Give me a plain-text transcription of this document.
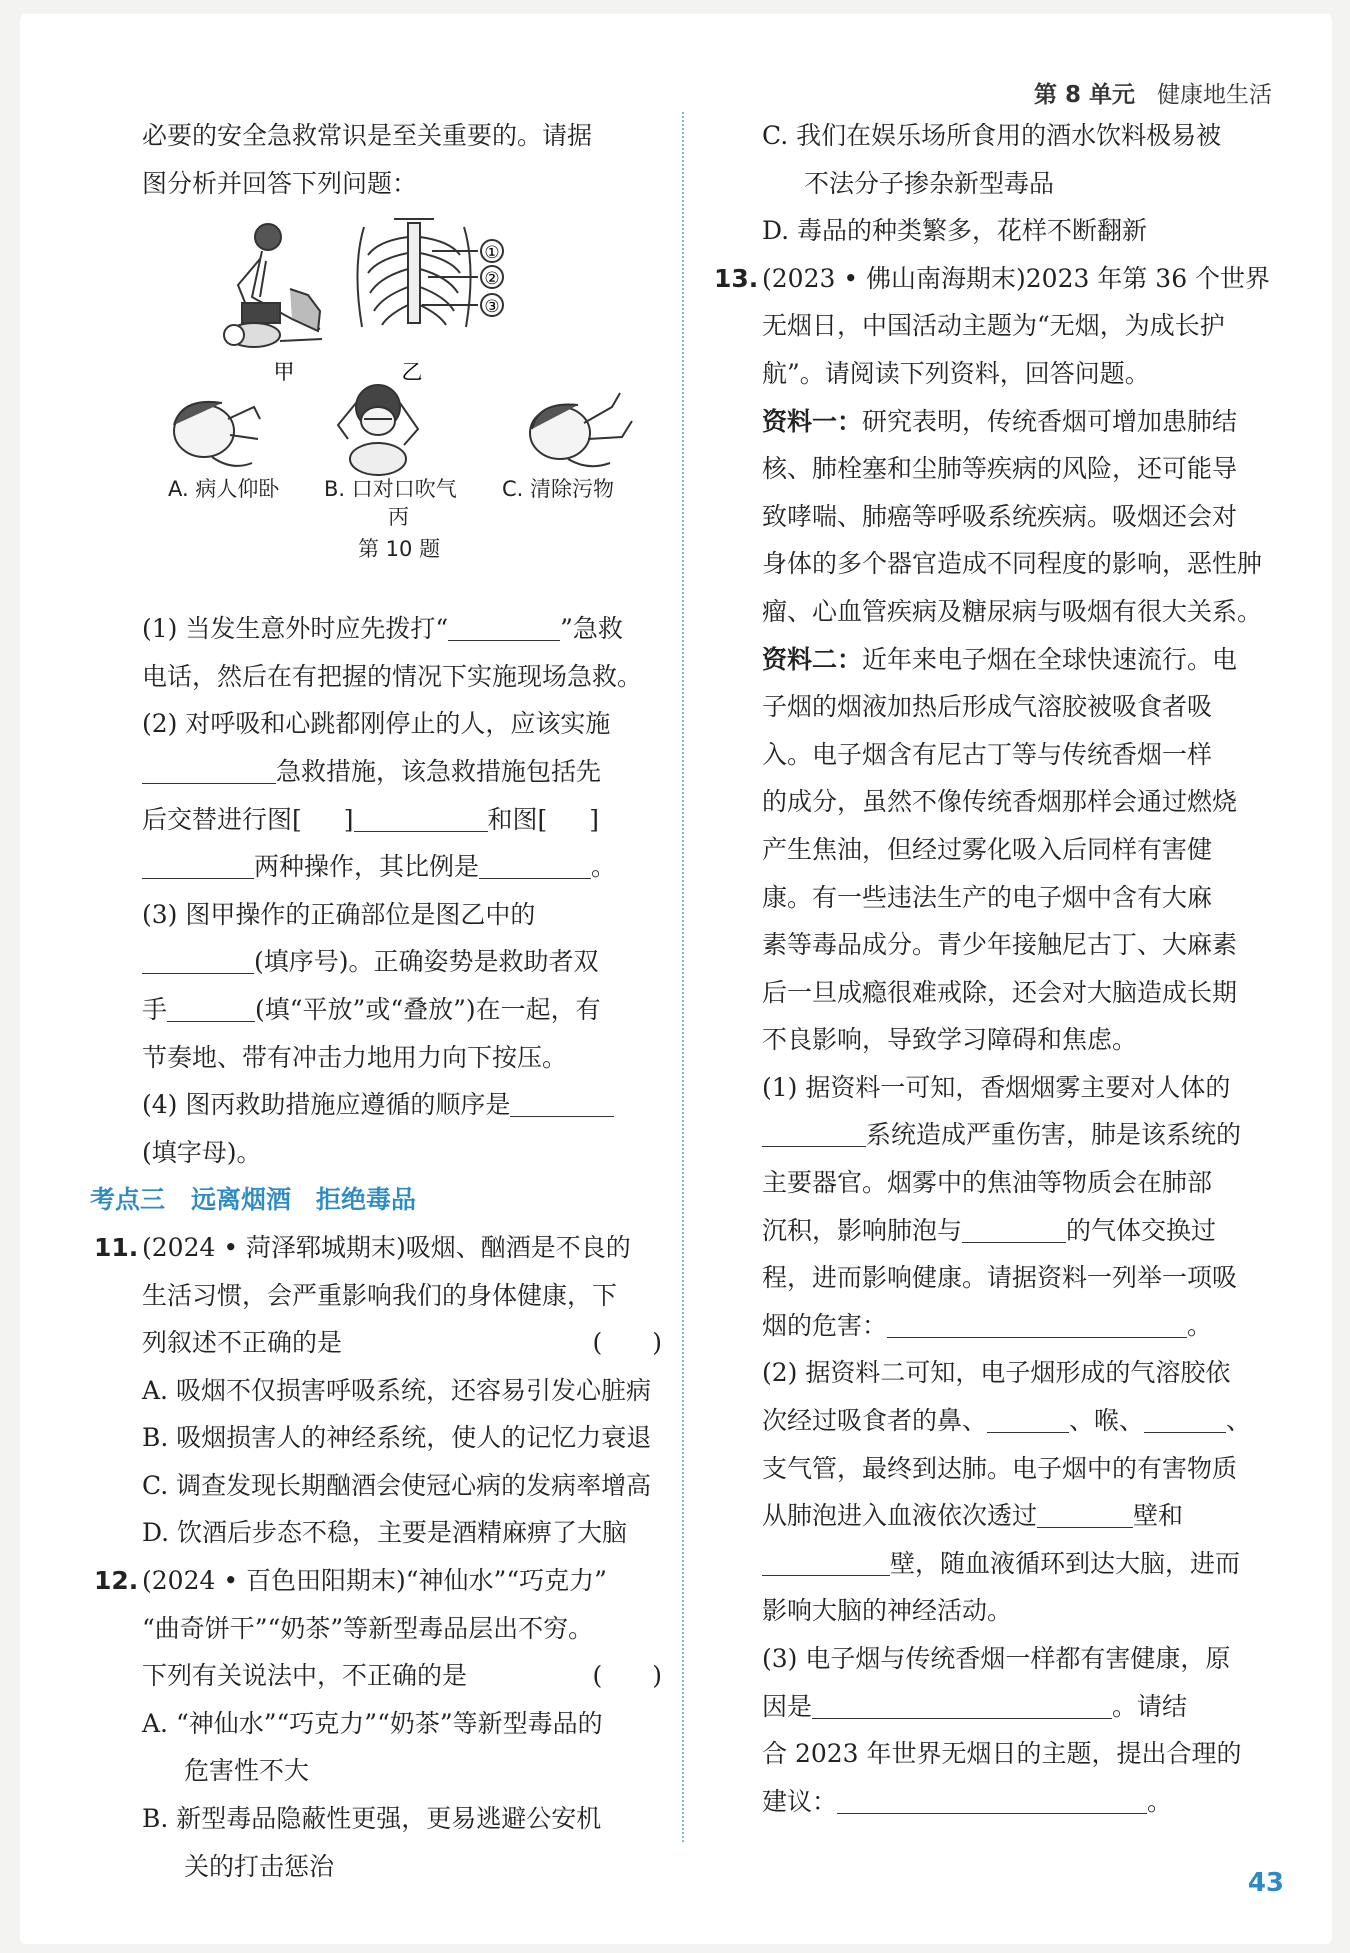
第 8 单元 健康地生活
必要的安全急救常识是至关重要的。请据
图分析并回答下列问题：
①
②
③
甲	乙
A. 病人仰卧 B. 口对口吹气 C. 清除污物
丙
第 10 题
(1) 当发生意外时应先拨打“	”急救
电话，然后在有把握的情况下实施现场急救。
(2) 对呼吸和心跳都刚停止的人，应该实施
急救措施，该急救措施包括先
后交替进行图[ ]	和图[ ]
两种操作，其比例是	。
(3) 图甲操作的正确部位是图乙中的
(填序号)。正确姿势是救助者双
手	(填“平放”或“叠放”)在一起，有
节奏地、带有冲击力地用力向下按压。
(4) 图丙救助措施应遵循的顺序是
(填字母)。
考点三 远离烟酒　拒绝毒品
11. (2024 • 菏泽郓城期末)吸烟、酗酒是不良的
生活习惯，会严重影响我们的身体健康，下
列叙述不正确的是	(　　)
A. 吸烟不仅损害呼吸系统，还容易引发心脏病
B. 吸烟损害人的神经系统，使人的记忆力衰退
C. 调查发现长期酗酒会使冠心病的发病率增高
D. 饮酒后步态不稳，主要是酒精麻痹了大脑
12. (2024 • 百色田阳期末)“神仙水”“巧克力”
“曲奇饼干”“奶茶”等新型毒品层出不穷。
下列有关说法中，不正确的是	(　　)
A. “神仙水”“巧克力”“奶茶”等新型毒品的
危害性不大
B. 新型毒品隐蔽性更强，更易逃避公安机
关的打击惩治
C. 我们在娱乐场所食用的酒水饮料极易被
不法分子掺杂新型毒品
D. 毒品的种类繁多，花样不断翻新
13. (2023 • 佛山南海期末)2023 年第 36 个世界
无烟日，中国活动主题为“无烟，为成长护
航”。请阅读下列资料，回答问题。
资料一：研究表明，传统香烟可增加患肺结
核、肺栓塞和尘肺等疾病的风险，还可能导
致哮喘、肺癌等呼吸系统疾病。吸烟还会对
身体的多个器官造成不同程度的影响，恶性肿
瘤、心血管疾病及糖尿病与吸烟有很大关系。
资料二：近年来电子烟在全球快速流行。电
子烟的烟液加热后形成气溶胶被吸食者吸
入。电子烟含有尼古丁等与传统香烟一样
的成分，虽然不像传统香烟那样会通过燃烧
产生焦油，但经过雾化吸入后同样有害健
康。有一些违法生产的电子烟中含有大麻
素等毒品成分。青少年接触尼古丁、大麻素
后一旦成瘾很难戒除，还会对大脑造成长期
不良影响，导致学习障碍和焦虑。
(1) 据资料一可知，香烟烟雾主要对人体的
系统造成严重伤害，肺是该系统的
主要器官。烟雾中的焦油等物质会在肺部
沉积，影响肺泡与	的气体交换过
程，进而影响健康。请据资料一列举一项吸
烟的危害：	。
(2) 据资料二可知，电子烟形成的气溶胶依
次经过吸食者的鼻、	、喉、	、
支气管，最终到达肺。电子烟中的有害物质
从肺泡进入血液依次透过	壁和
壁，随血液循环到达大脑，进而
影响大脑的神经活动。
(3) 电子烟与传统香烟一样都有害健康，原
因是	。请结
合 2023 年世界无烟日的主题，提出合理的
建议：	。
43
